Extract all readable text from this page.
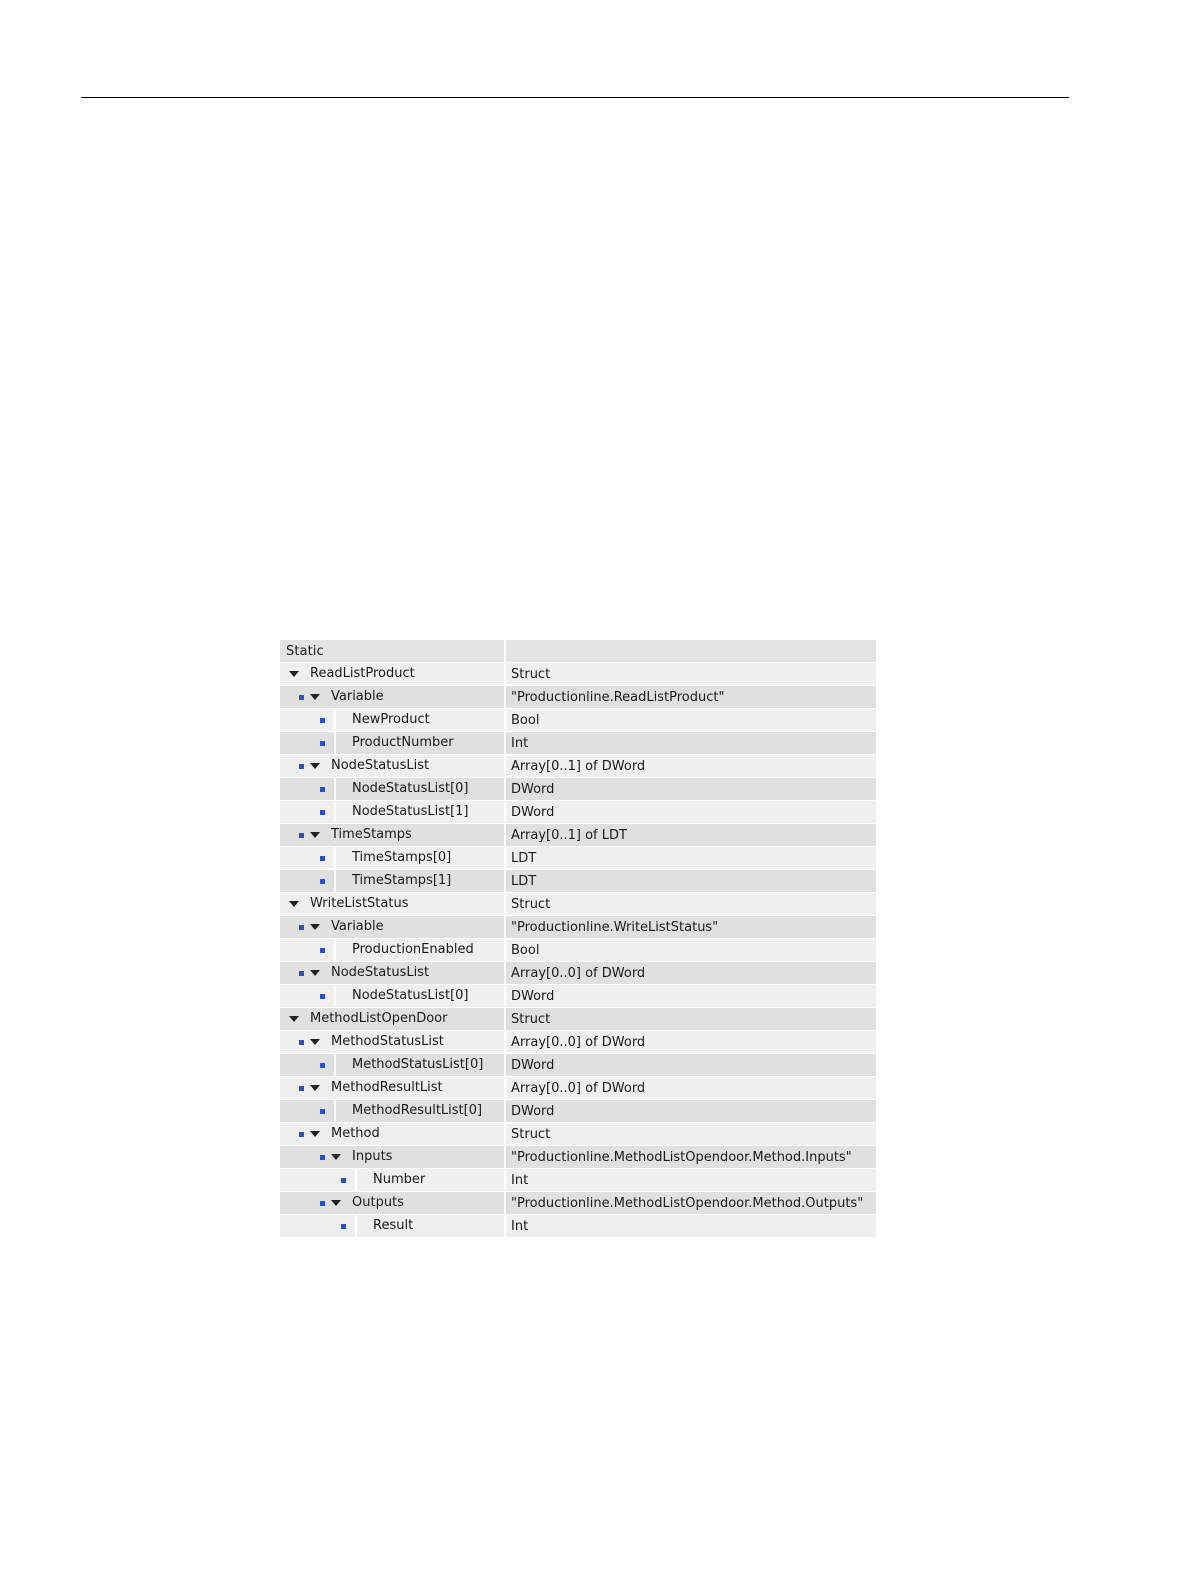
Static	

ReadListProduct	Struct

Variable	"Productionline.ReadListProduct"

NewProduct	Bool

ProductNumber	Int

NodeStatusList	Array[0..1] of DWord

NodeStatusList[0]	DWord

NodeStatusList[1]	DWord

TimeStamps	Array[0..1] of LDT

TimeStamps[0]	LDT

TimeStamps[1]	LDT

WriteListStatus	Struct

Variable	"Productionline.WriteListStatus"

ProductionEnabled	Bool

NodeStatusList	Array[0..0] of DWord

NodeStatusList[0]	DWord

MethodListOpenDoor	Struct

MethodStatusList	Array[0..0] of DWord

MethodStatusList[0]	DWord

MethodResultList	Array[0..0] of DWord

MethodResultList[0]	DWord

Method	Struct

Inputs	"Productionline.MethodListOpendoor.Method.Inputs"

Number	Int

Outputs	"Productionline.MethodListOpendoor.Method.Outputs"

Result	Int
